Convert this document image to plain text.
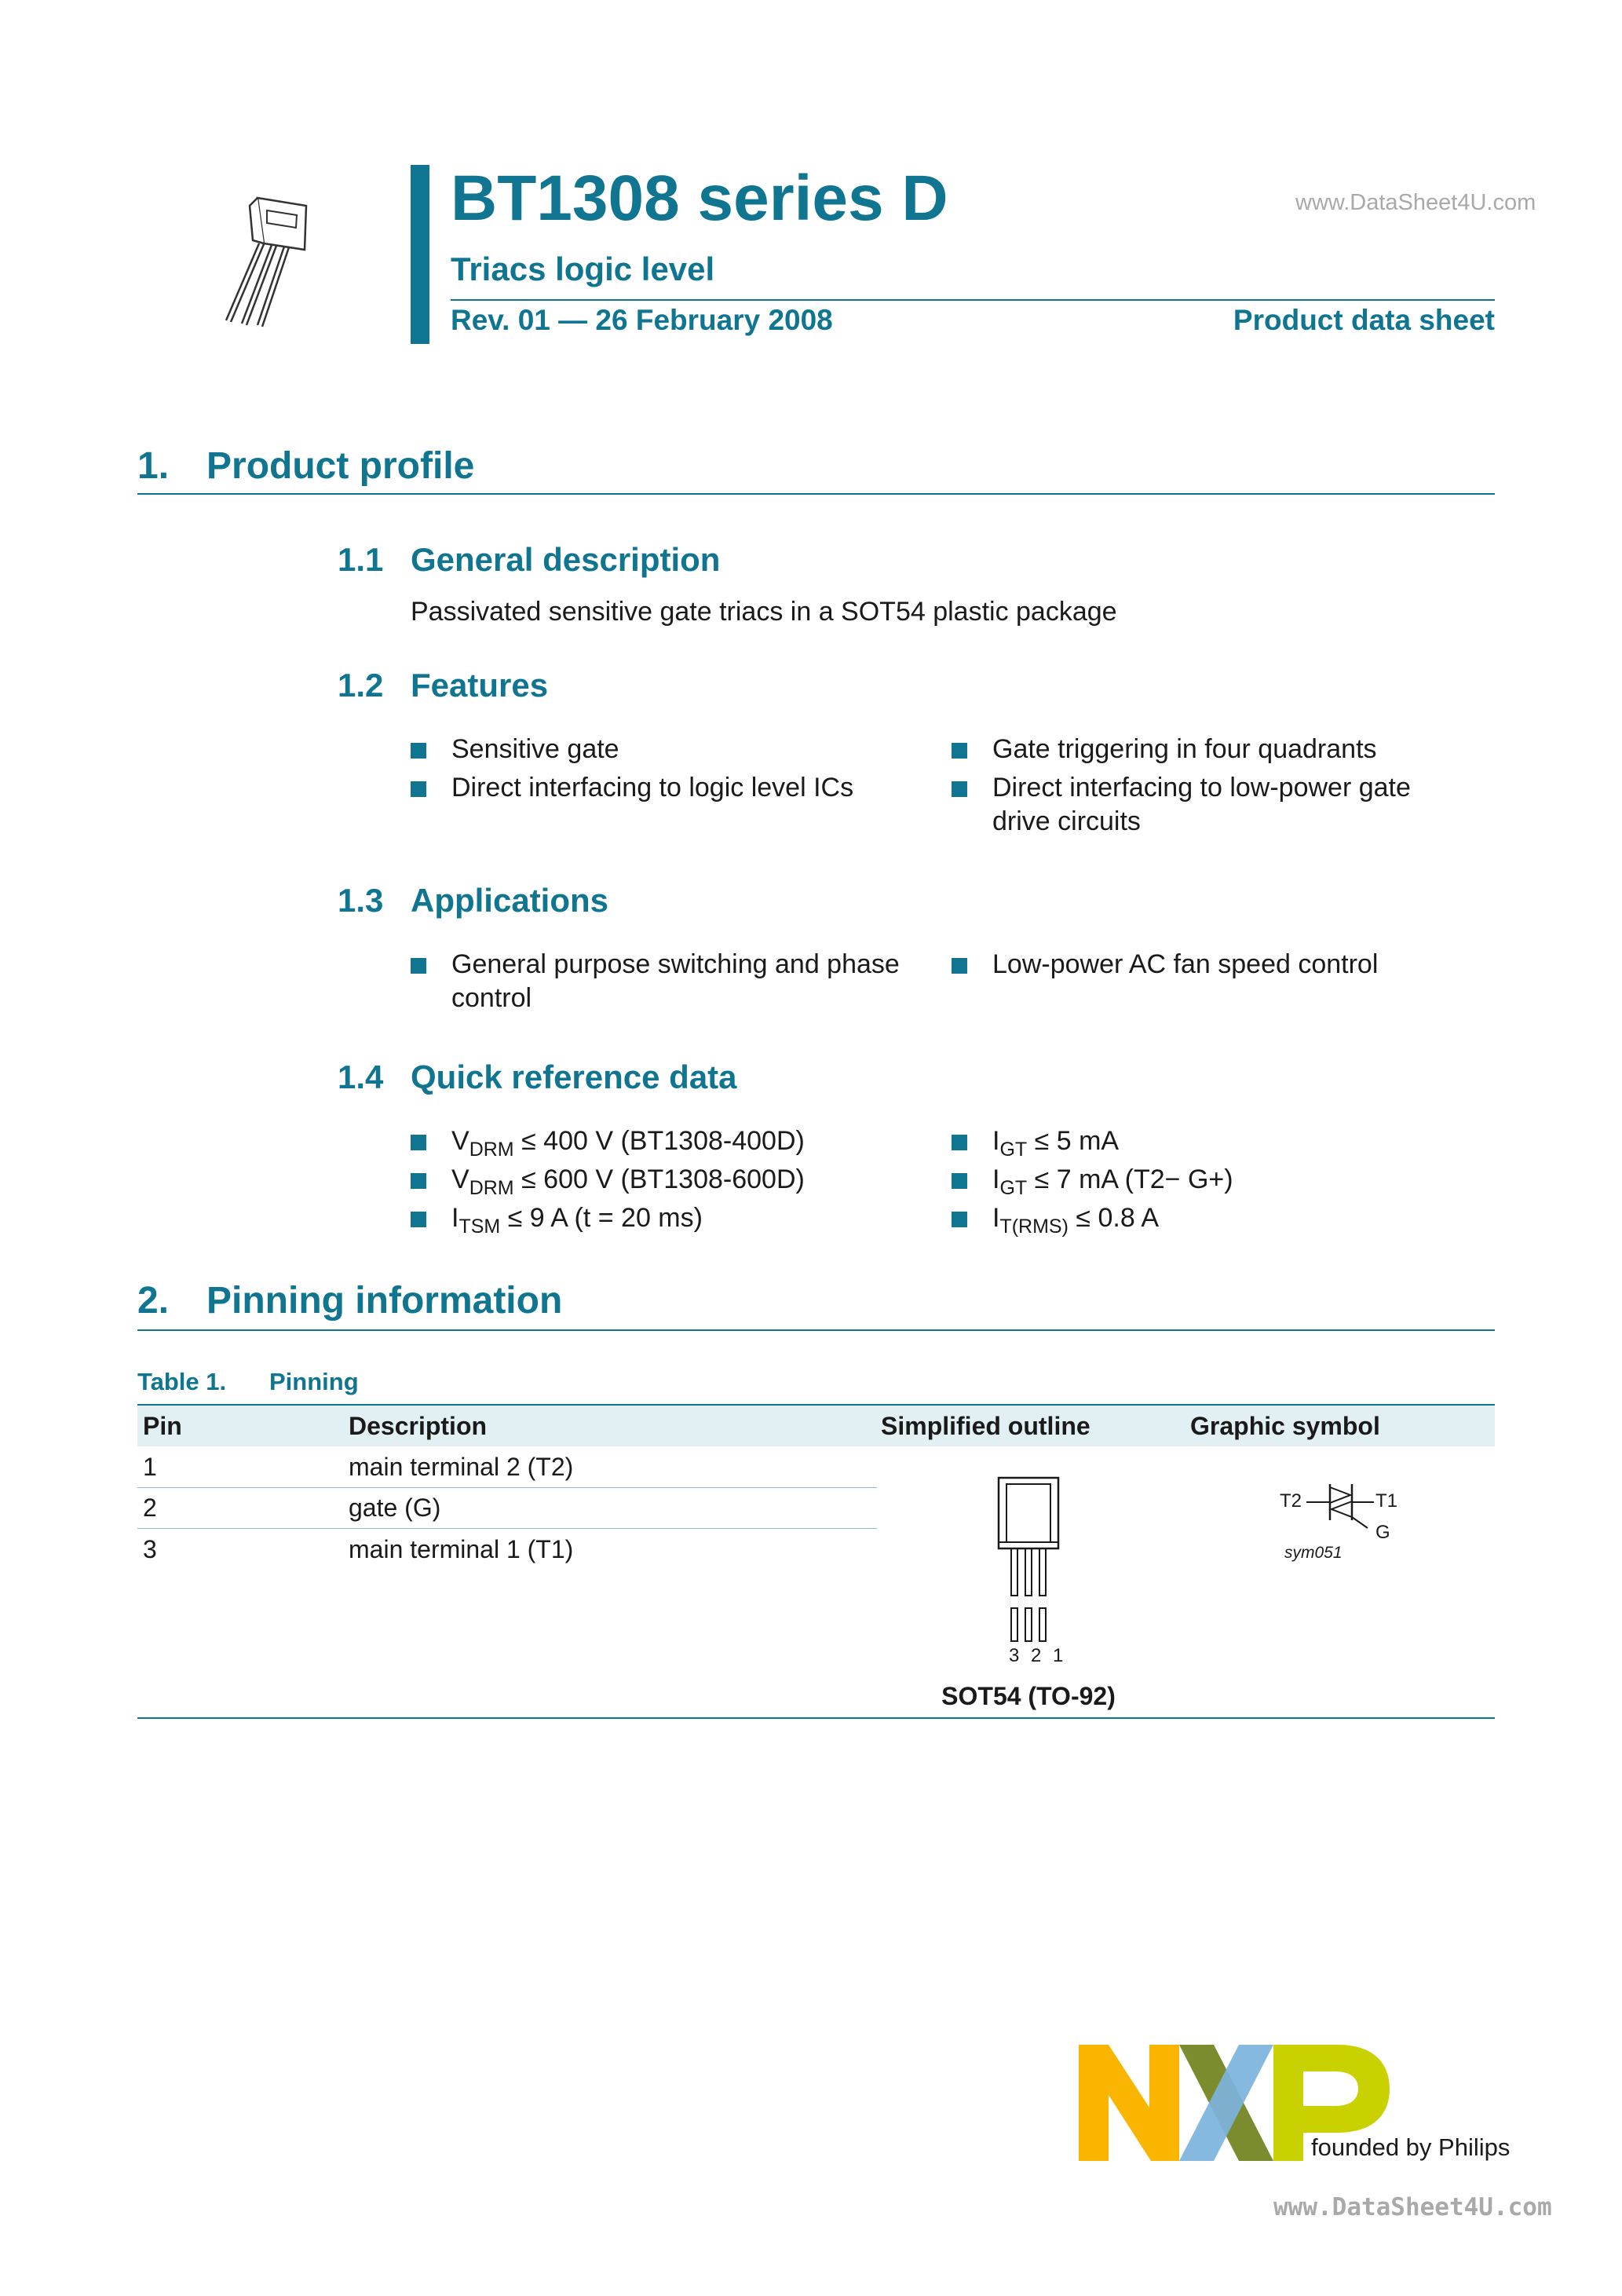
BT1308 series D	www.DataSheet4U.com
Triacs logic level
Rev. 01 — 26 February 2008	Product data sheet
1. Product profile
1.1 General description
Passivated sensitive gate triacs in a SOT54 plastic package
1.2 Features
Sensitive gate
Direct interfacing to logic level ICs
Gate triggering in four quadrants
Direct interfacing to low-power gate
drive circuits
1.3 Applications
General purpose switching and phase
control
Low-power AC fan speed control
1.4 Quick reference data
$V_{DRM} \le 400$ V (BT1308-400D)
$V_{DRM} \le 600$ V (BT1308-600D)
$I_{TSM} \le 9$ A (t = 20 ms)
$I_{GT} \le 5$ mA
$I_{GT} \le 7$ mA (T2− G+)
$I_{T(RMS)} \le 0.8$ A
2. Pinning information
Table 1. Pinning
Pin	Description	Simplified outline	Graphic symbol
1	main terminal 2 (T2)
2	gate (G)
3	main terminal 1 (T1)
3 2 1
SOT54 (TO-92)
T2	T1
G
sym051
founded by Philips
www.DataSheet4U.com
